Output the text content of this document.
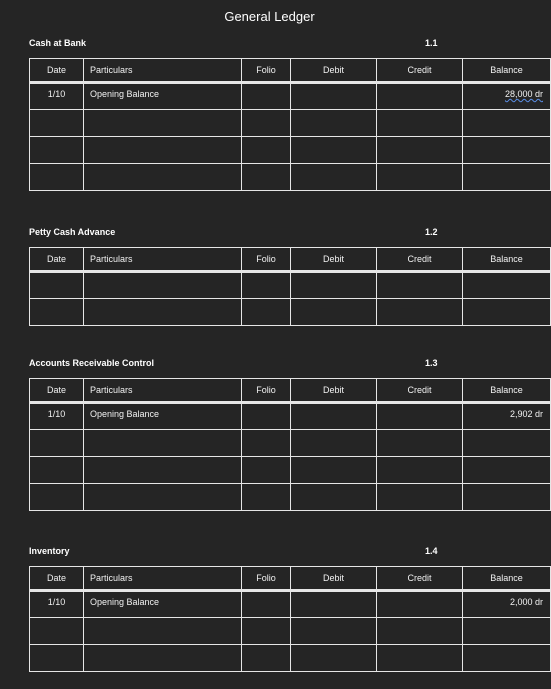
General Ledger
Cash at Bank	1.1
Date	Particulars	Folio	Debit	Credit	Balance
1/10	Opening Balance				28,000 dr

Petty Cash Advance	1.2
Date	Particulars	Folio	Debit	Credit	Balance

Accounts Receivable Control	1.3
Date	Particulars	Folio	Debit	Credit	Balance
1/10	Opening Balance				2,902 dr

Inventory	1.4
Date	Particulars	Folio	Debit	Credit	Balance
1/10	Opening Balance				2,000 dr
